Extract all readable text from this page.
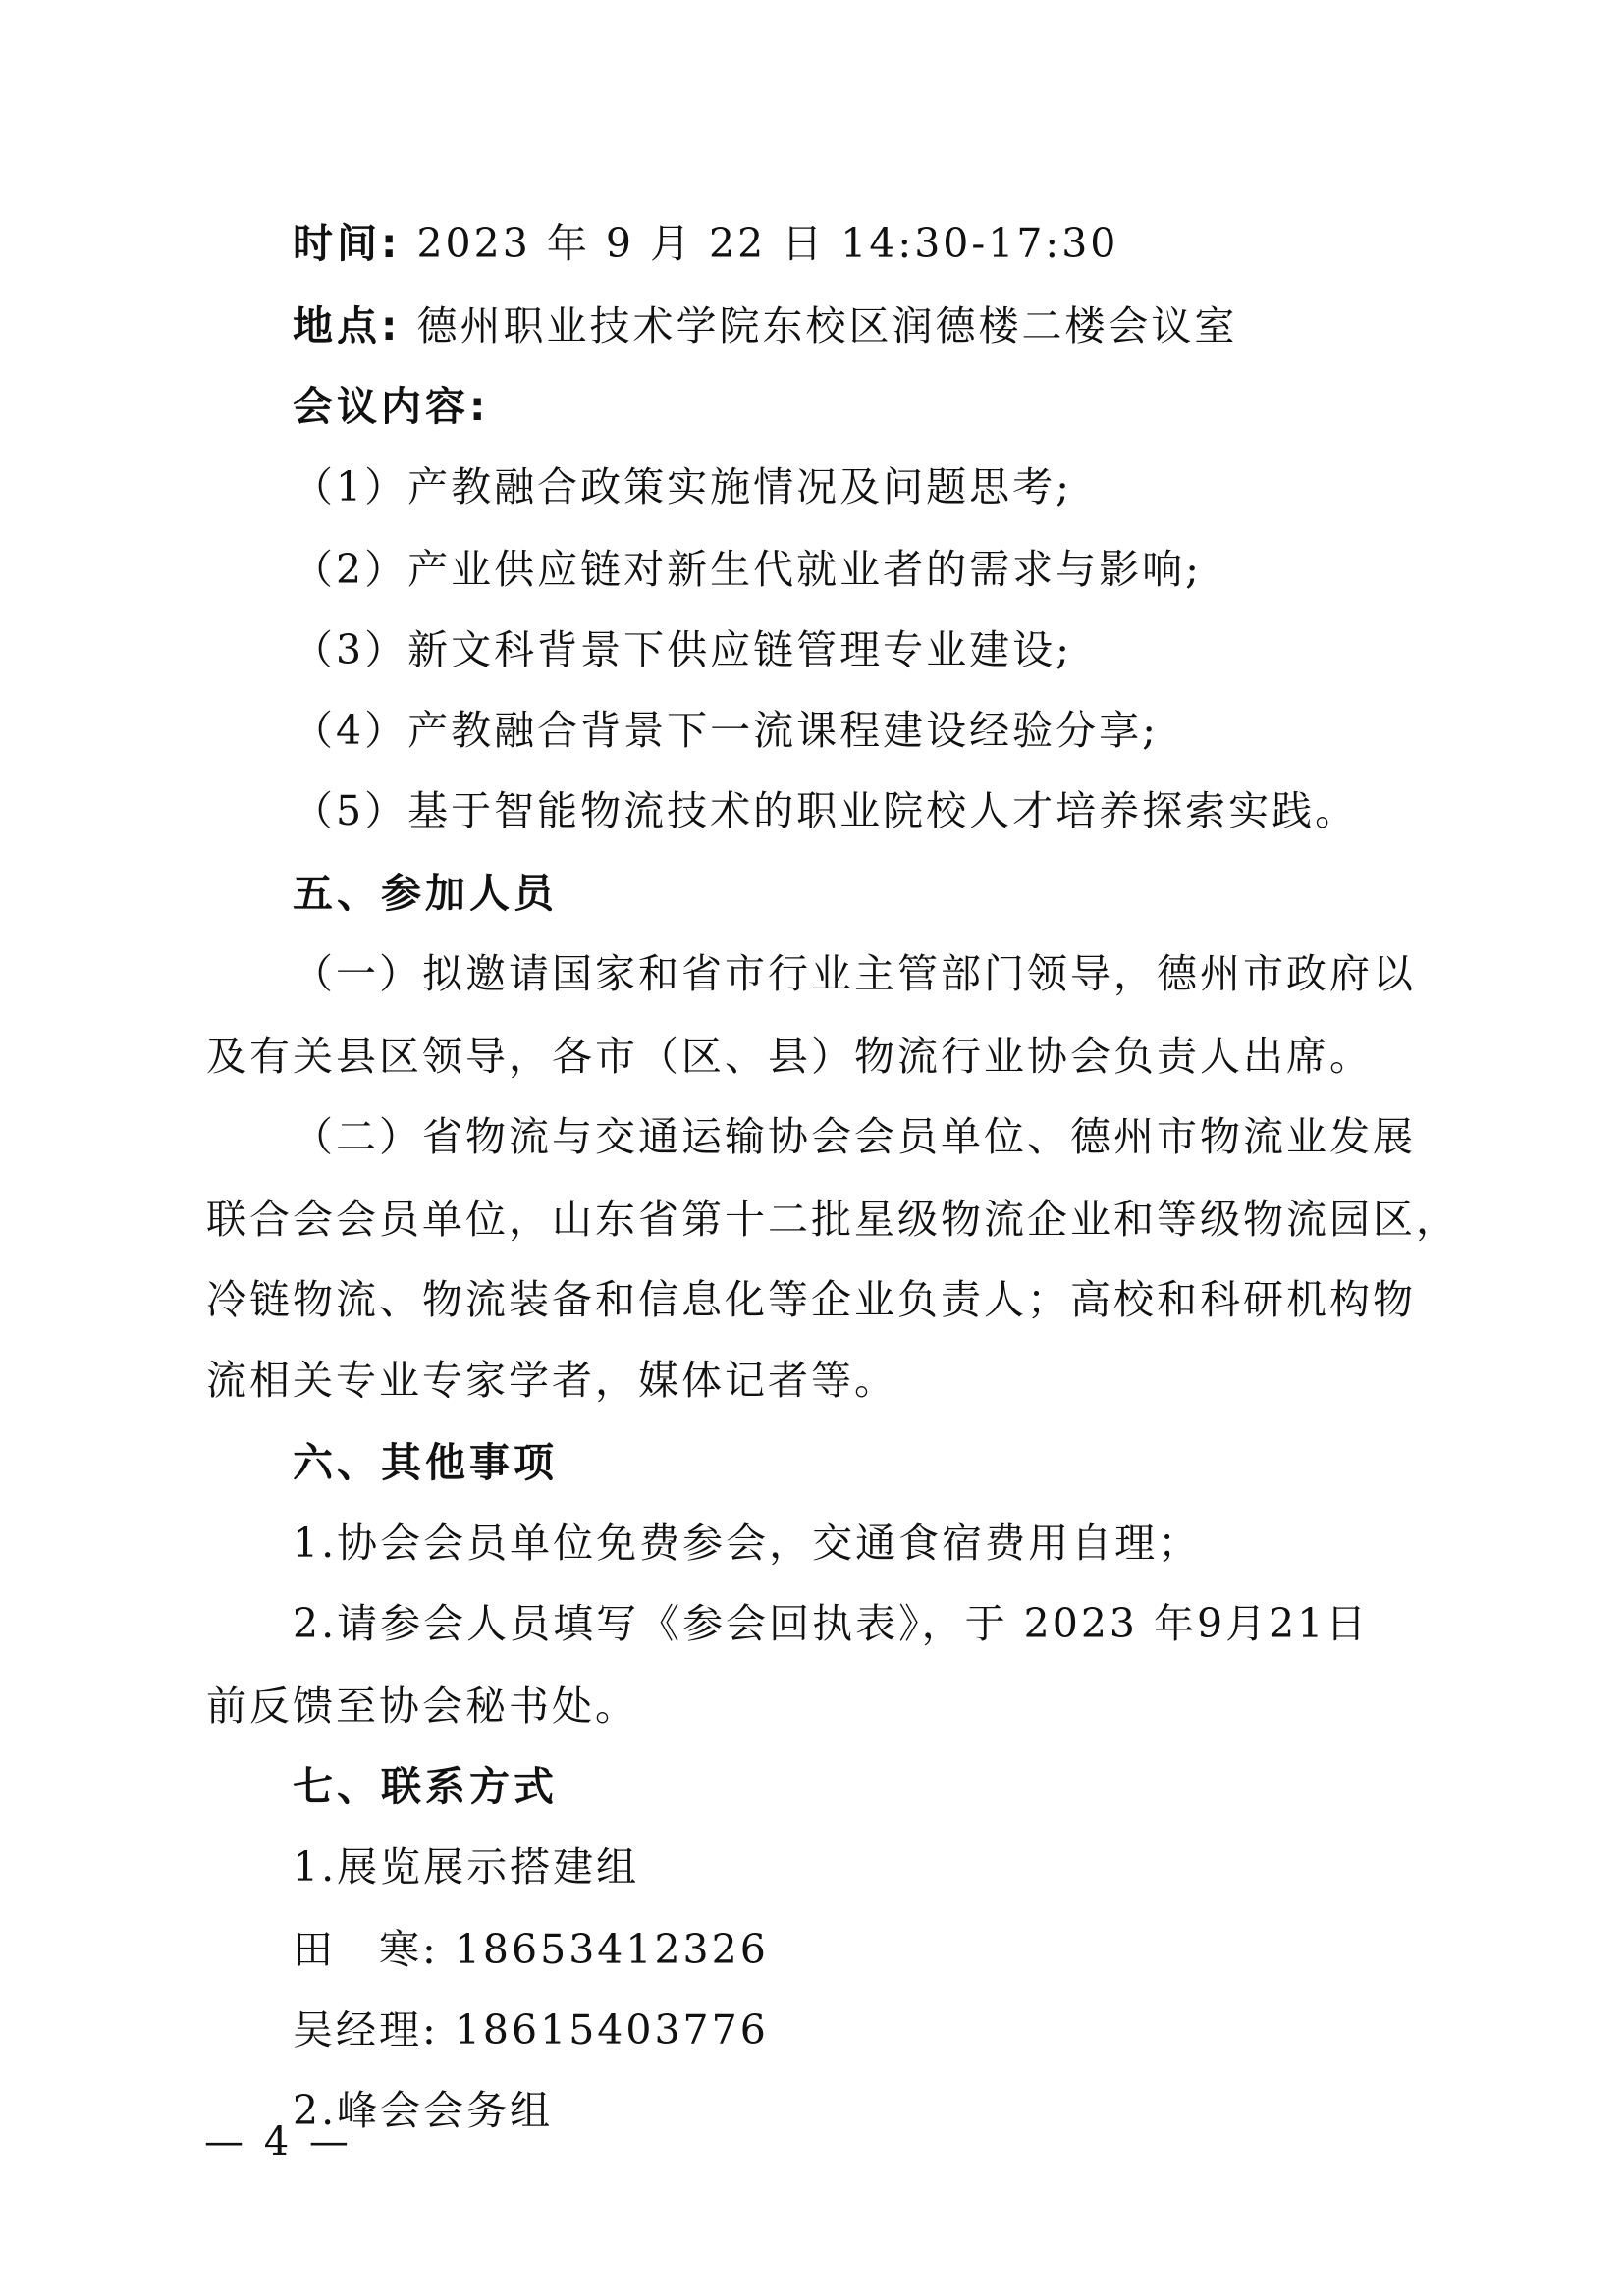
时间: 2023 年 9 月 22 日 14:30-17:30
地点: 德州职业技术学院东校区润德楼二楼会议室
会议内容:
（1）产教融合政策实施情况及问题思考;
（2）产业供应链对新生代就业者的需求与影响;
（3）新文科背景下供应链管理专业建设;
（4）产教融合背景下一流课程建设经验分享;
（5）基于智能物流技术的职业院校人才培养探索实践。
五、参加人员
（一）拟邀请国家和省市行业主管部门领导，德州市政府以
及有关县区领导，各市（区、县）物流行业协会负责人出席。
（二）省物流与交通运输协会会员单位、德州市物流业发展
联合会会员单位，山东省第十二批星级物流企业和等级物流园区，
冷链物流、物流装备和信息化等企业负责人；高校和科研机构物
流相关专业专家学者，媒体记者等。
六、其他事项
1.协会会员单位免费参会，交通食宿费用自理；
2.请参会人员填写《参会回执表》，于 2023 年9月21日
前反馈至协会秘书处。
七、联系方式
1.展览展示搭建组
田　寒: 18653412326
吴经理: 18615403776
2.峰会会务组
— 4 —
